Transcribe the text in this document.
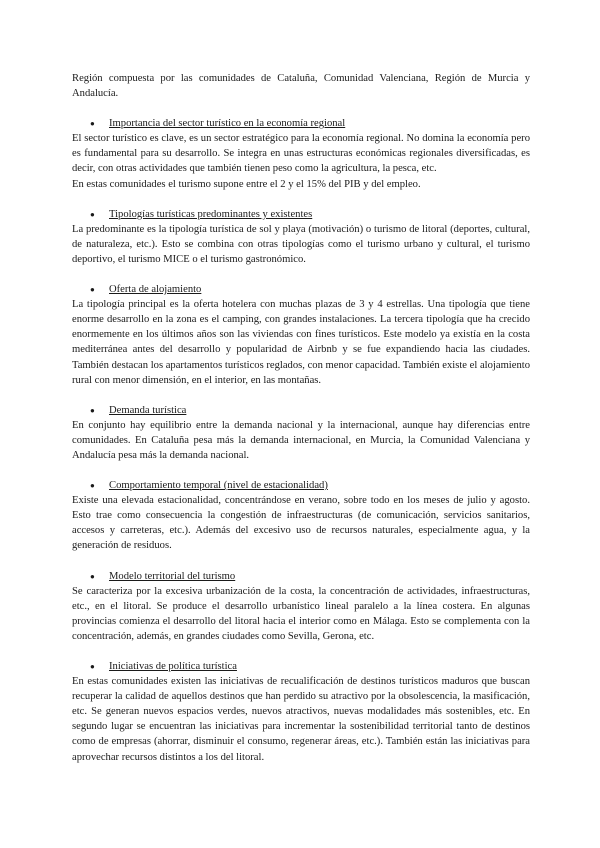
Región compuesta por las comunidades de Cataluña, Comunidad Valenciana, Región de Murcia y Andalucía.

● Importancia del sector turístico en la economía regional

El sector turístico es clave, es un sector estratégico para la economía regional. No domina la economía pero es fundamental para su desarrollo. Se integra en unas estructuras económicas regionales diversificadas, es decir, con otras actividades que también tienen peso como la agricultura, la pesca, etc.

En estas comunidades el turismo supone entre el 2 y el 15% del PIB y del empleo.

● Tipologías turísticas predominantes y existentes

La predominante es la tipología turística de sol y playa (motivación) o turismo de litoral (deportes, cultural, de naturaleza, etc.). Esto se combina con otras tipologías como el turismo urbano y cultural, el turismo deportivo, el turismo MICE o el turismo gastronómico.

● Oferta de alojamiento

La tipología principal es la oferta hotelera con muchas plazas de 3 y 4 estrellas. Una tipología que tiene enorme desarrollo en la zona es el camping, con grandes instalaciones. La tercera tipología que ha crecido enormemente en los últimos años son las viviendas con fines turísticos. Este modelo ya existía en la costa mediterránea antes del desarrollo y popularidad de Airbnb y se fue expandiendo hacia las ciudades. También destacan los apartamentos turísticos reglados, con menor capacidad. También existe el alojamiento rural con menor dimensión, en el interior, en las montañas.

● Demanda turística

En conjunto hay equilibrio entre la demanda nacional y la internacional, aunque hay diferencias entre comunidades. En Cataluña pesa más la demanda internacional, en Murcia, la Comunidad Valenciana y Andalucía pesa más la demanda nacional.

● Comportamiento temporal (nivel de estacionalidad)

Existe una elevada estacionalidad, concentrándose en verano, sobre todo en los meses de julio y agosto. Esto trae como consecuencia la congestión de infraestructuras (de comunicación, servicios sanitarios, accesos y carreteras, etc.). Además del excesivo uso de recursos naturales, especialmente agua, y la generación de residuos.

● Modelo territorial del turismo

Se caracteriza por la excesiva urbanización de la costa, la concentración de actividades, infraestructuras, etc., en el litoral. Se produce el desarrollo urbanístico lineal paralelo a la línea costera. En algunas provincias comienza el desarrollo del litoral hacia el interior como en Málaga. Esto se complementa con la concentración, además, en grandes ciudades como Sevilla, Gerona, etc.

● Iniciativas de política turística

En estas comunidades existen las iniciativas de recualificación de destinos turísticos maduros que buscan recuperar la calidad de aquellos destinos que han perdido su atractivo por la obsolescencia, la masificación, etc. Se generan nuevos espacios verdes, nuevos atractivos, nuevas modalidades más sostenibles, etc. En segundo lugar se encuentran las iniciativas para incrementar la sostenibilidad territorial tanto de destinos como de empresas (ahorrar, disminuir el consumo, regenerar áreas, etc.). También están las iniciativas para aprovechar recursos distintos a los del litoral.
